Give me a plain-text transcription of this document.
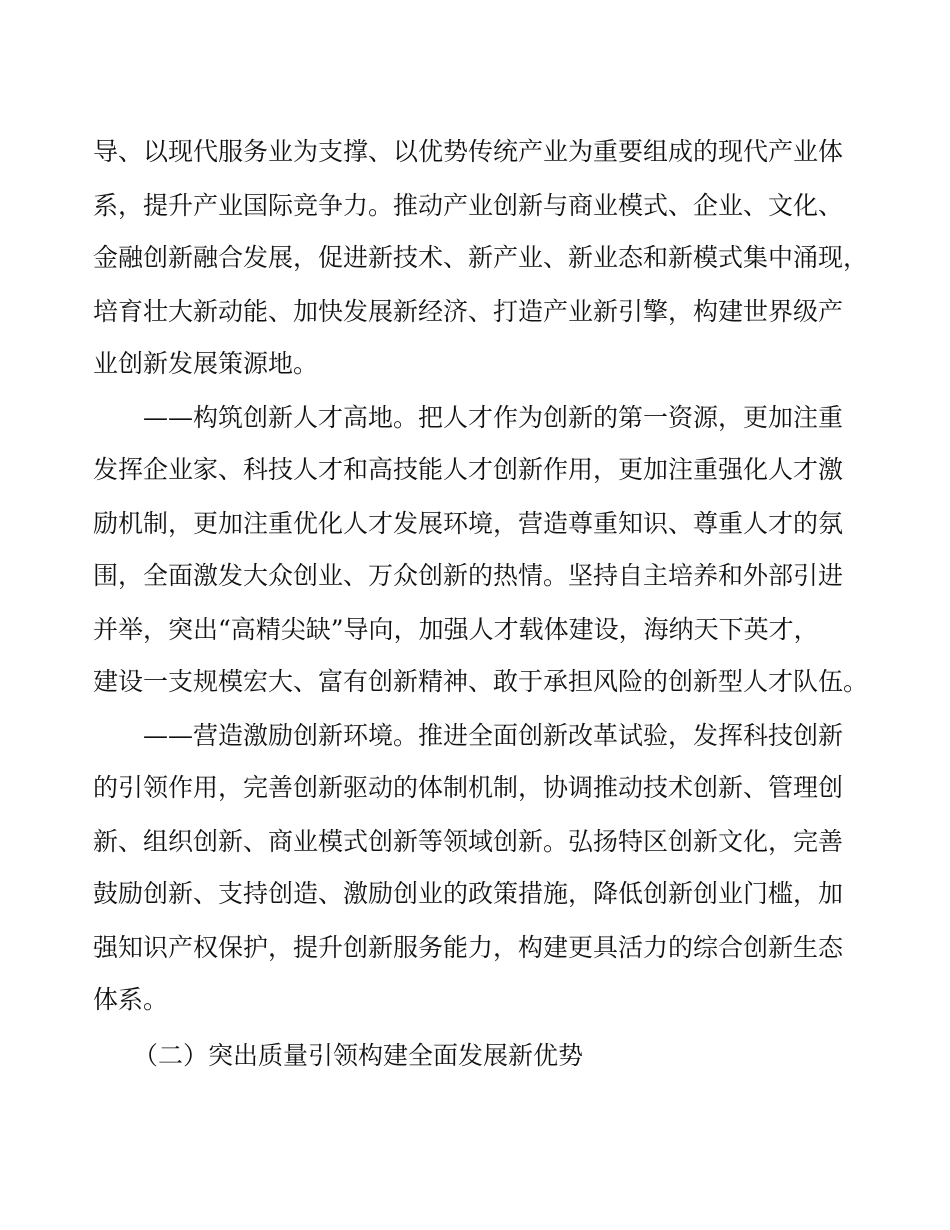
导、以现代服务业为支撑、以优势传统产业为重要组成的现代产业体

系，提升产业国际竞争力。推动产业创新与商业模式、企业、文化、

金融创新融合发展，促进新技术、新产业、新业态和新模式集中涌现，

培育壮大新动能、加快发展新经济、打造产业新引擎，构建世界级产

业创新发展策源地。

——构筑创新人才高地。把人才作为创新的第一资源，更加注重

发挥企业家、科技人才和高技能人才创新作用，更加注重强化人才激

励机制，更加注重优化人才发展环境，营造尊重知识、尊重人才的氛

围，全面激发大众创业、万众创新的热情。坚持自主培养和外部引进

并举，突出“高精尖缺”导向，加强人才载体建设，海纳天下英才，

建设一支规模宏大、富有创新精神、敢于承担风险的创新型人才队伍。

——营造激励创新环境。推进全面创新改革试验，发挥科技创新

的引领作用，完善创新驱动的体制机制，协调推动技术创新、管理创

新、组织创新、商业模式创新等领域创新。弘扬特区创新文化，完善

鼓励创新、支持创造、激励创业的政策措施，降低创新创业门槛，加

强知识产权保护，提升创新服务能力，构建更具活力的综合创新生态

体系。

（二）突出质量引领构建全面发展新优势
